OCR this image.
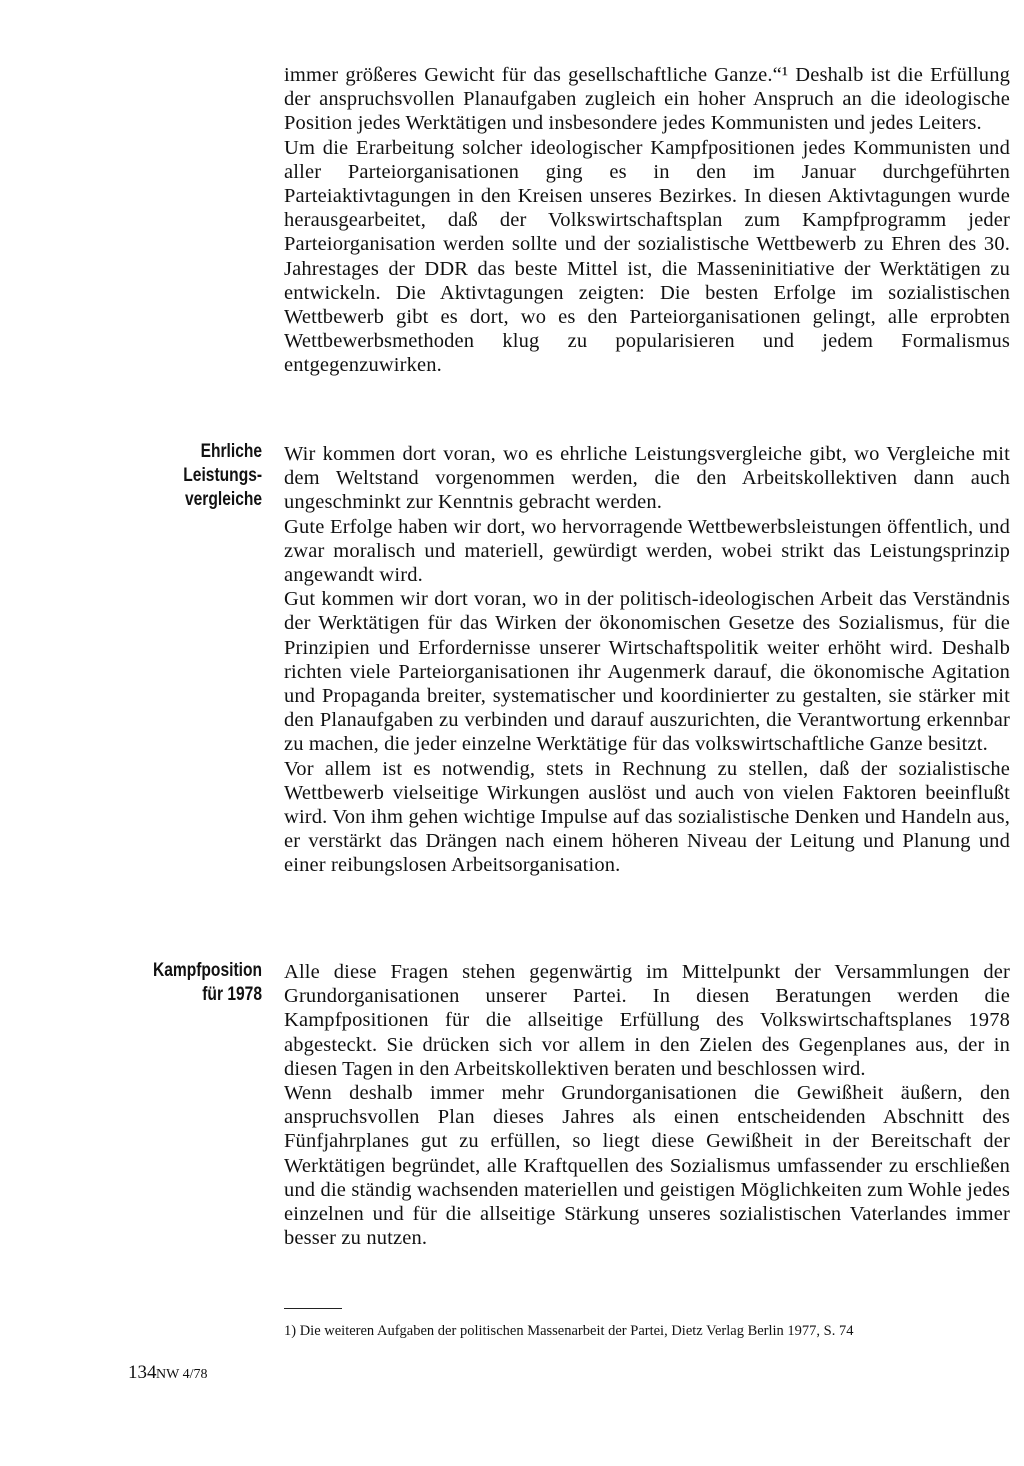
immer größeres Gewicht für das gesellschaftliche Ganze.“¹ Deshalb ist die Erfüllung der anspruchsvollen Planaufgaben zugleich ein hoher Anspruch an die ideologische Position jedes Werktätigen und insbesondere jedes Kommunisten und jedes Leiters.

Um die Erarbeitung solcher ideologischer Kampfpositionen jedes Kommunisten und aller Parteiorganisationen ging es in den im Januar durchgeführten Parteiaktivtagungen in den Kreisen unseres Bezirkes. In diesen Aktivtagungen wurde herausgearbeitet, daß der Volkswirtschaftsplan zum Kampfprogramm jeder Parteiorganisation werden sollte und der sozialistische Wettbewerb zu Ehren des 30. Jahrestages der DDR das beste Mittel ist, die Masseninitiative der Werktätigen zu entwickeln. Die Aktivtagungen zeigten: Die besten Erfolge im sozialistischen Wettbewerb gibt es dort, wo es den Parteiorganisationen gelingt, alle erprobten Wettbewerbsmethoden klug zu popularisieren und jedem Formalismus entgegenzuwirken.

Ehrliche
Leistungs-
vergleiche

Wir kommen dort voran, wo es ehrliche Leistungsvergleiche gibt, wo Vergleiche mit dem Weltstand vorgenommen werden, die den Arbeitskollektiven dann auch ungeschminkt zur Kenntnis gebracht werden.

Gute Erfolge haben wir dort, wo hervorragende Wettbewerbsleistungen öffentlich, und zwar moralisch und materiell, gewürdigt werden, wobei strikt das Leistungsprinzip angewandt wird.

Gut kommen wir dort voran, wo in der politisch-ideologischen Arbeit das Verständnis der Werktätigen für das Wirken der ökonomischen Gesetze des Sozialismus, für die Prinzipien und Erfordernisse unserer Wirtschaftspolitik weiter erhöht wird. Deshalb richten viele Parteiorganisationen ihr Augenmerk darauf, die ökonomische Agitation und Propaganda breiter, systematischer und koordinierter zu gestalten, sie stärker mit den Planaufgaben zu verbinden und darauf auszurichten, die Verantwortung erkennbar zu machen, die jeder einzelne Werktätige für das volkswirtschaftliche Ganze besitzt.

Vor allem ist es notwendig, stets in Rechnung zu stellen, daß der sozialistische Wettbewerb vielseitige Wirkungen auslöst und auch von vielen Faktoren beeinflußt wird. Von ihm gehen wichtige Impulse auf das sozialistische Denken und Handeln aus, er verstärkt das Drängen nach einem höheren Niveau der Leitung und Planung und einer reibungslosen Arbeitsorganisation.

Kampfposition
für 1978

Alle diese Fragen stehen gegenwärtig im Mittelpunkt der Versammlungen der Grundorganisationen unserer Partei. In diesen Beratungen werden die Kampfpositionen für die allseitige Erfüllung des Volkswirtschaftsplanes 1978 abgesteckt. Sie drücken sich vor allem in den Zielen des Gegenplanes aus, der in diesen Tagen in den Arbeitskollektiven beraten und beschlossen wird.

Wenn deshalb immer mehr Grundorganisationen die Gewißheit äußern, den anspruchsvollen Plan dieses Jahres als einen entscheidenden Abschnitt des Fünfjahrplanes gut zu erfüllen, so liegt diese Gewißheit in der Bereitschaft der Werktätigen begründet, alle Kraftquellen des Sozialismus umfassender zu erschließen und die ständig wachsenden materiellen und geistigen Möglichkeiten zum Wohle jedes einzelnen und für die allseitige Stärkung unseres sozialistischen Vaterlandes immer besser zu nutzen.

1) Die weiteren Aufgaben der politischen Massenarbeit der Partei, Dietz Verlag Berlin 1977, S. 74
134 NW 4/78
